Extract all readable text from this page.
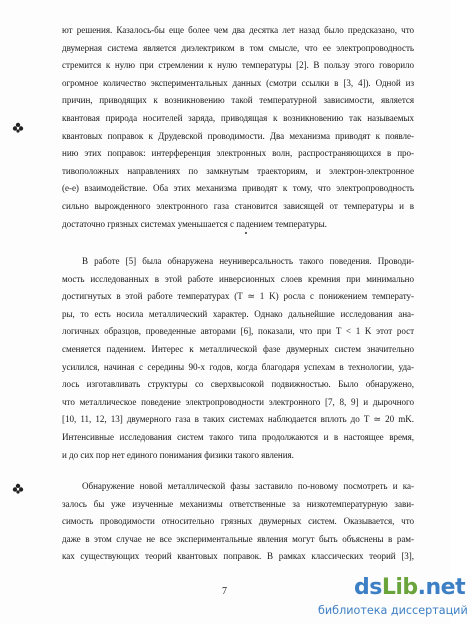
ют решения. Казалось-бы еще более чем два десятка лет назад было предсказано, что
двумерная система является диэлектриком в том смысле, что ее электропроводность
стремится к нулю при стремлении к нулю температуры [2]. В пользу этого говорило
огромное количество экспериментальных данных (смотри ссылки в [3, 4]). Одной из
причин, приводящих к возникновению такой температурной зависимости, является
квантовая природа носителей заряда, приводящая к возникновению так называемых
квантовых поправок к Друдевской проводимости. Два механизма приводят к появле-
нию этих поправок: интерференция электронных волн, распространяющихся в про-
тивоположных направлениях по замкнутым траекториям, и электрон-электронное
(e-e) взаимодействие. Оба этих механизма приводят к тому, что электропроводность
сильно вырожденного электронного газа становится зависящей от температуры и в
достаточно грязных системах уменьшается с падением температуры.
В работе [5] была обнаружена неуниверсальность такого поведения. Проводи-
мость исследованных в этой работе инверсионных слоев кремния при минимально
достигнутых в этой работе температурах (T ≃ 1 K) росла с понижением температу-
ры, то есть носила металлический характер. Однако дальнейшие исследования ана-
логичных образцов, проведенные авторами [6], показали, что при T < 1 K этот рост
сменяется падением. Интерес к металлической фазе двумерных систем значительно
усилился, начиная с середины 90-х годов, когда благодаря успехам в технологии, уда-
лось изготавливать структуры со сверхвысокой подвижностью. Было обнаружено,
что металлическое поведение электропроводности электронного [7, 8, 9] и дырочного
[10, 11, 12, 13] двумерного газа в таких системах наблюдается вплоть до T ≃ 20 mK.
Интенсивные исследования систем такого типа продолжаются и в настоящее время,
и до сих пор нет единого понимания физики такого явления.
Обнаружение новой металлической фазы заставило по-новому посмотреть и ка-
залось бы уже изученные механизмы ответственные за низкотемпературную зави-
симость проводимости относительно грязных двумерных систем. Оказывается, что
даже в этом случае не все экспериментальные явления могут быть объяснены в рам-
ках существующих теорий квантовых поправок. В рамках классических теорий [3],
7	ds Lib .net
библиотека диссертаций
